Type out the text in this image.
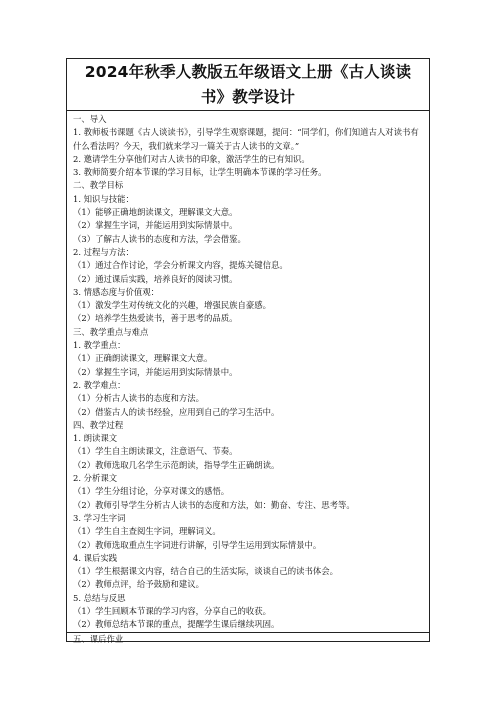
2024年秋季人教版五年级语文上册《古人谈读书》教学设计
一、导入
1. 教师板书课题《古人谈读书》，引导学生观察课题，提问：“同学们，你们知道古人对读书有什么看法吗？今天，我们就来学习一篇关于古人读书的文章。”
2. 邀请学生分享他们对古人读书的印象，激活学生的已有知识。
3. 教师简要介绍本节课的学习目标，让学生明确本节课的学习任务。
二、教学目标
1. 知识与技能：
（1）能够正确地朗读课文，理解课文大意。
（2）掌握生字词，并能运用到实际情景中。
（3）了解古人读书的态度和方法，学会借鉴。
2. 过程与方法：
（1）通过合作讨论，学会分析课文内容，提炼关键信息。
（2）通过课后实践，培养良好的阅读习惯。
3. 情感态度与价值观：
（1）激发学生对传统文化的兴趣，增强民族自豪感。
（2）培养学生热爱读书，善于思考的品质。
三、教学重点与难点
1. 教学重点：
（1）正确朗读课文，理解课文大意。
（2）掌握生字词，并能运用到实际情景中。
2. 教学难点：
（1）分析古人读书的态度和方法。
（2）借鉴古人的读书经验，应用到自己的学习生活中。
四、教学过程
1. 朗读课文
（1）学生自主朗读课文，注意语气、节奏。
（2）教师选取几名学生示范朗读，指导学生正确朗读。
2. 分析课文
（1）学生分组讨论，分享对课文的感悟。
（2）教师引导学生分析古人读书的态度和方法，如：勤奋、专注、思考等。
3. 学习生字词
（1）学生自主查阅生字词，理解词义。
（2）教师选取重点生字词进行讲解，引导学生运用到实际情景中。
4. 课后实践
（1）学生根据课文内容，结合自己的生活实际，谈谈自己的读书体会。
（2）教师点评，给予鼓励和建议。
5. 总结与反思
（1）学生回顾本节课的学习内容，分享自己的收获。
（2）教师总结本节课的重点，提醒学生课后继续巩固。
五、课后作业
